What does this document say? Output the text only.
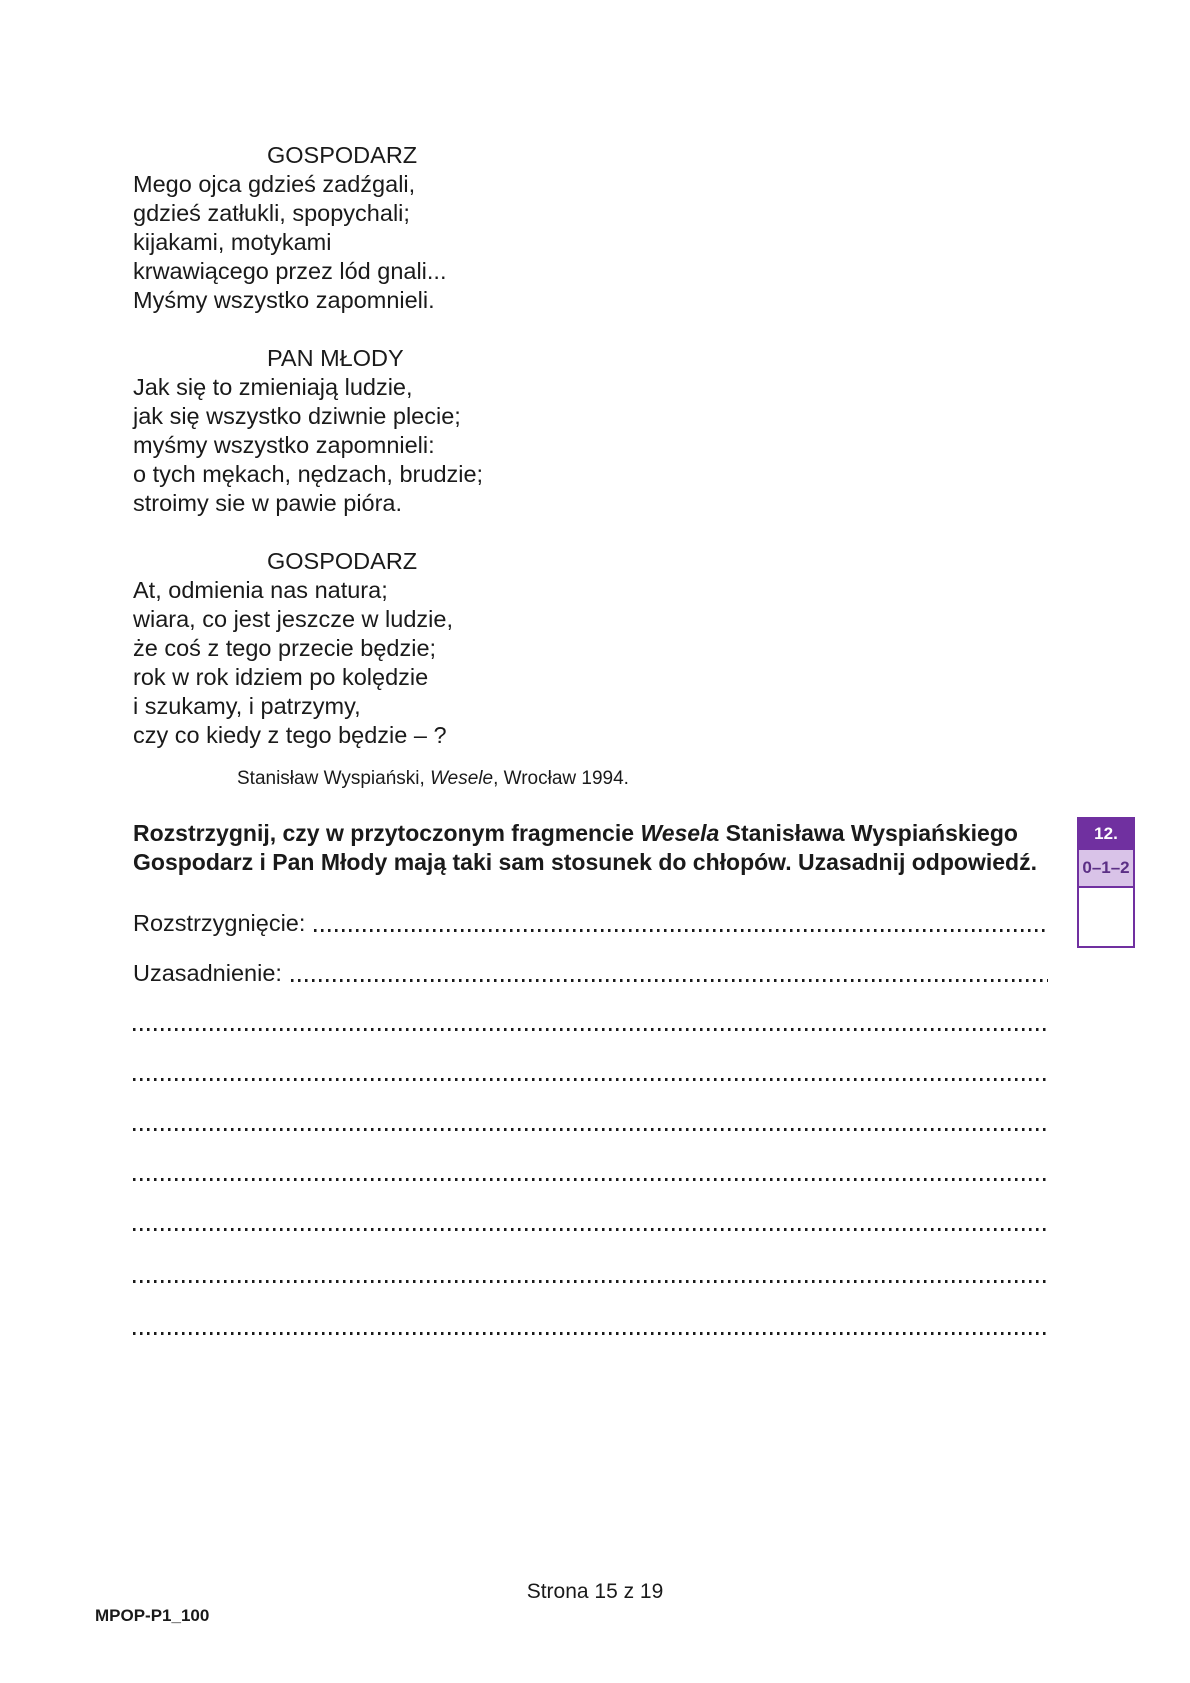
GOSPODARZ
Mego ojca gdzieś zadźgali,
gdzieś zatłukli, spopychali;
kijakami, motykami
krwawiącego przez lód gnali...
Myśmy wszystko zapomnieli.
PAN MŁODY
Jak się to zmieniają ludzie,
jak się wszystko dziwnie plecie;
myśmy wszystko zapomnieli:
o tych mękach, nędzach, brudzie;
stroimy sie w pawie pióra.
GOSPODARZ
At, odmienia nas natura;
wiara, co jest jeszcze w ludzie,
że coś z tego przecie będzie;
rok w rok idziem po kolędzie
i szukamy, i patrzymy,
czy co kiedy z tego będzie – ?
Stanisław Wyspiański, Wesele, Wrocław 1994.
Rozstrzygnij, czy w przytoczonym fragmencie Wesela Stanisława Wyspiańskiego
Gospodarz i Pan Młody mają taki sam stosunek do chłopów. Uzasadnij odpowiedź.
12.
0–1–2
Rozstrzygnięcie:
Uzasadnienie:
Strona 15 z 19
MPOP-P1_100
